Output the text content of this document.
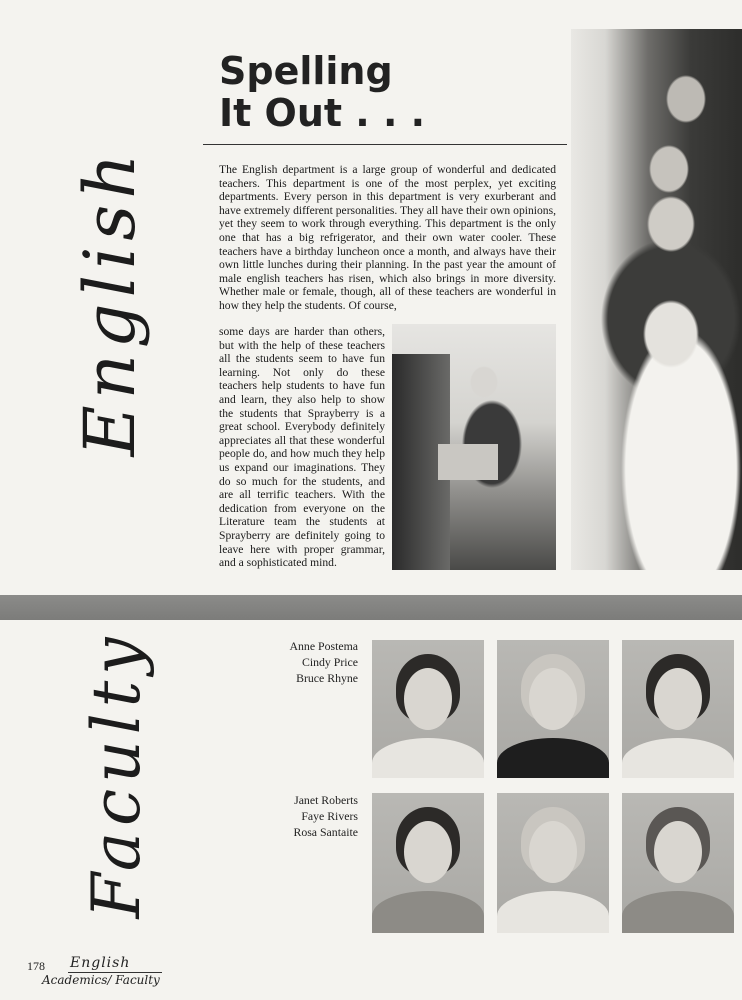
English
Faculty
Spelling
It Out . . .
The English department is a large group of wonderful and dedicated teachers. This department is one of the most perplex, yet exciting departments. Every person in this department is very exurberant and have extremely different personalities. They all have their own opinions, yet they seem to work through everything. This department is the only one that has a big refrigerator, and their own water cooler. These teachers have a birthday luncheon once a month, and always have their own little lunches during their planning. In the past year the amount of male english teachers has risen, which also brings in more diversity. Whether male or female, though, all of these teachers are wonderful in how they help the students. Of course,
some days are harder than others, but with the help of these teachers all the students seem to have fun learning. Not only do these teachers help students to have fun and learn, they also help to show the students that Sprayberry is a great school. Everybody definitely appreciates all that these wonderful people do, and how much they help us expand our imaginations. They do so much for the students, and are all terrific teachers. With the dedication from everyone on the Literature team the students at Sprayberry are definitely going to leave here with proper grammar, and a sophisticated mind.
Anne Postema
Cindy Price
Bruce Rhyne
Janet Roberts
Faye Rivers
Rosa Santaite
178 English
Academics/ Faculty
